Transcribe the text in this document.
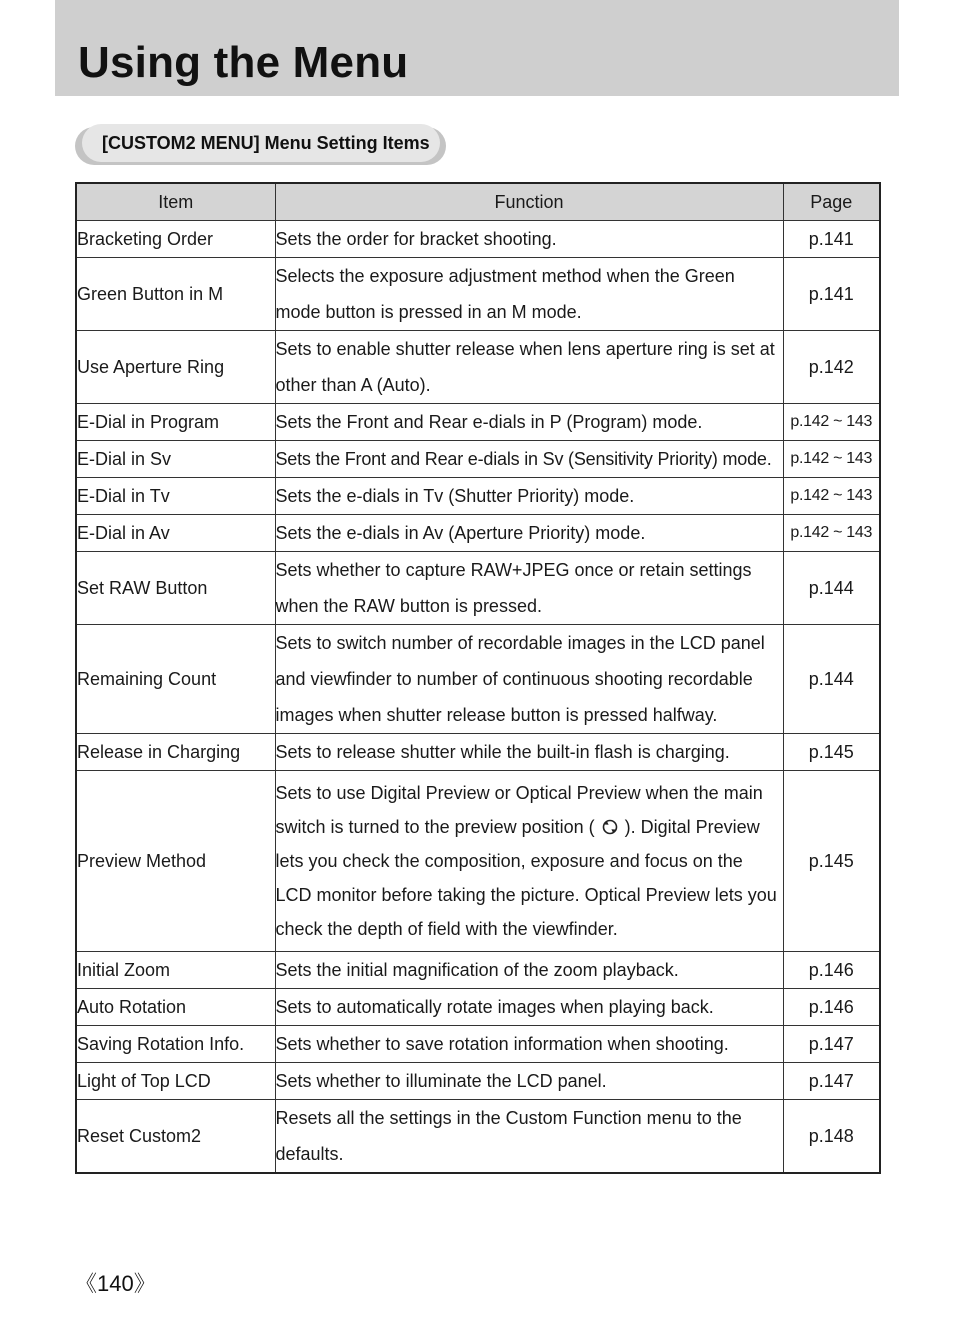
Using the Menu
[CUSTOM2 MENU] Menu Setting Items
Item	Function	Page
Bracketing Order	Sets the order for bracket shooting.	p.141
Green Button in M	Selects the exposure adjustment method when the Green mode button is pressed in an M mode.	p.141
Use Aperture Ring	Sets to enable shutter release when lens aperture ring is set at other than A (Auto).	p.142
E-Dial in Program	Sets the Front and Rear e-dials in P (Program) mode.	p.142 ~ 143
E-Dial in Sv	Sets the Front and Rear e-dials in Sv (Sensitivity Priority) mode.	p.142 ~ 143
E-Dial in Tv	Sets the e-dials in Tv (Shutter Priority) mode.	p.142 ~ 143
E-Dial in Av	Sets the e-dials in Av (Aperture Priority) mode.	p.142 ~ 143
Set RAW Button	Sets whether to capture RAW+JPEG once or retain settings when the RAW button is pressed.	p.144
Remaining Count	Sets to switch number of recordable images in the LCD panel and viewfinder to number of continuous shooting recordable images when shutter release button is pressed halfway.	p.144
Release in Charging	Sets to release shutter while the built-in flash is charging.	p.145
Preview Method	Sets to use Digital Preview or Optical Preview when the main switch is turned to the preview position ( ). Digital Preview lets you check the composition, exposure and focus on the LCD monitor before taking the picture. Optical Preview lets you check the depth of field with the viewfinder.	p.145
Initial Zoom	Sets the initial magnification of the zoom playback.	p.146
Auto Rotation	Sets to automatically rotate images when playing back.	p.146
Saving Rotation Info.	Sets whether to save rotation information when shooting.	p.147
Light of Top LCD	Sets whether to illuminate the LCD panel.	p.147
Reset Custom2	Resets all the settings in the Custom Function menu to the defaults.	p.148
《140》
